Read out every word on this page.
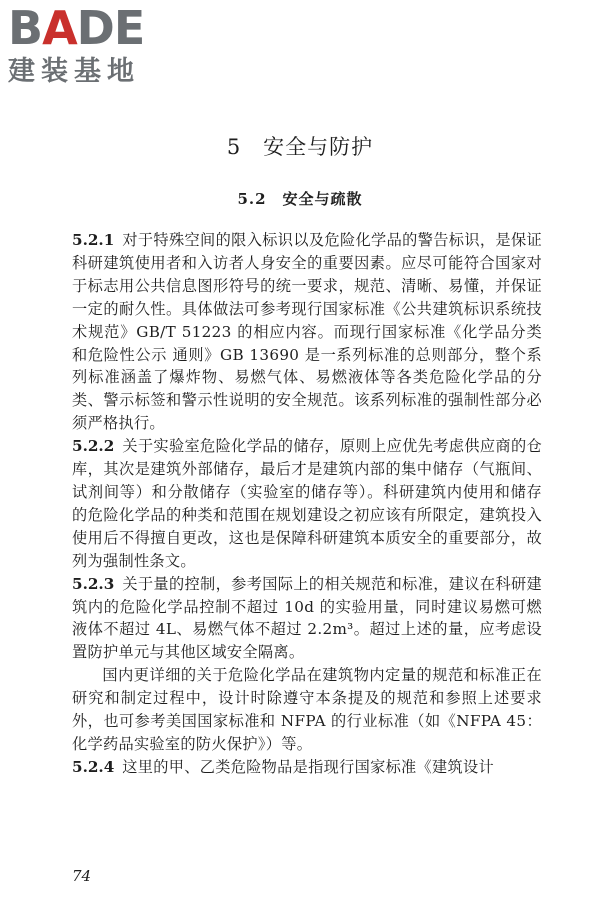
BADE
建装基地
5　安全与防护
5.2　安全与疏散

5.2.1 对于特殊空间的限入标识以及危险化学品的警告标识，是保证科研建筑使用者和入访者人身安全的重要因素。应尽可能符合国家对于标志用公共信息图形符号的统一要求，规范、清晰、易懂，并保证一定的耐久性。具体做法可参考现行国家标准《公共建筑标识系统技术规范》GB/T 51223 的相应内容。而现行国家标准《化学品分类和危险性公示 通则》GB 13690 是一系列标准的总则部分，整个系列标准涵盖了爆炸物、易燃气体、易燃液体等各类危险化学品的分类、警示标签和警示性说明的安全规范。该系列标准的强制性部分必须严格执行。

5.2.2 关于实验室危险化学品的储存，原则上应优先考虑供应商的仓库，其次是建筑外部储存，最后才是建筑内部的集中储存（气瓶间、试剂间等）和分散储存（实验室的储存等）。科研建筑内使用和储存的危险化学品的种类和范围在规划建设之初应该有所限定，建筑投入使用后不得擅自更改，这也是保障科研建筑本质安全的重要部分，故列为强制性条文。

5.2.3 关于量的控制，参考国际上的相关规范和标准，建议在科研建筑内的危险化学品控制不超过 10d 的实验用量，同时建议易燃可燃液体不超过 4L、易燃气体不超过 2.2m³。超过上述的量，应考虑设置防护单元与其他区域安全隔离。

国内更详细的关于危险化学品在建筑物内定量的规范和标准正在研究和制定过程中，设计时除遵守本条提及的规范和参照上述要求外，也可参考美国国家标准和 NFPA 的行业标准（如《NFPA 45：化学药品实验室的防火保护》）等。

5.2.4 这里的甲、乙类危险物品是指现行国家标准《建筑设计

74
